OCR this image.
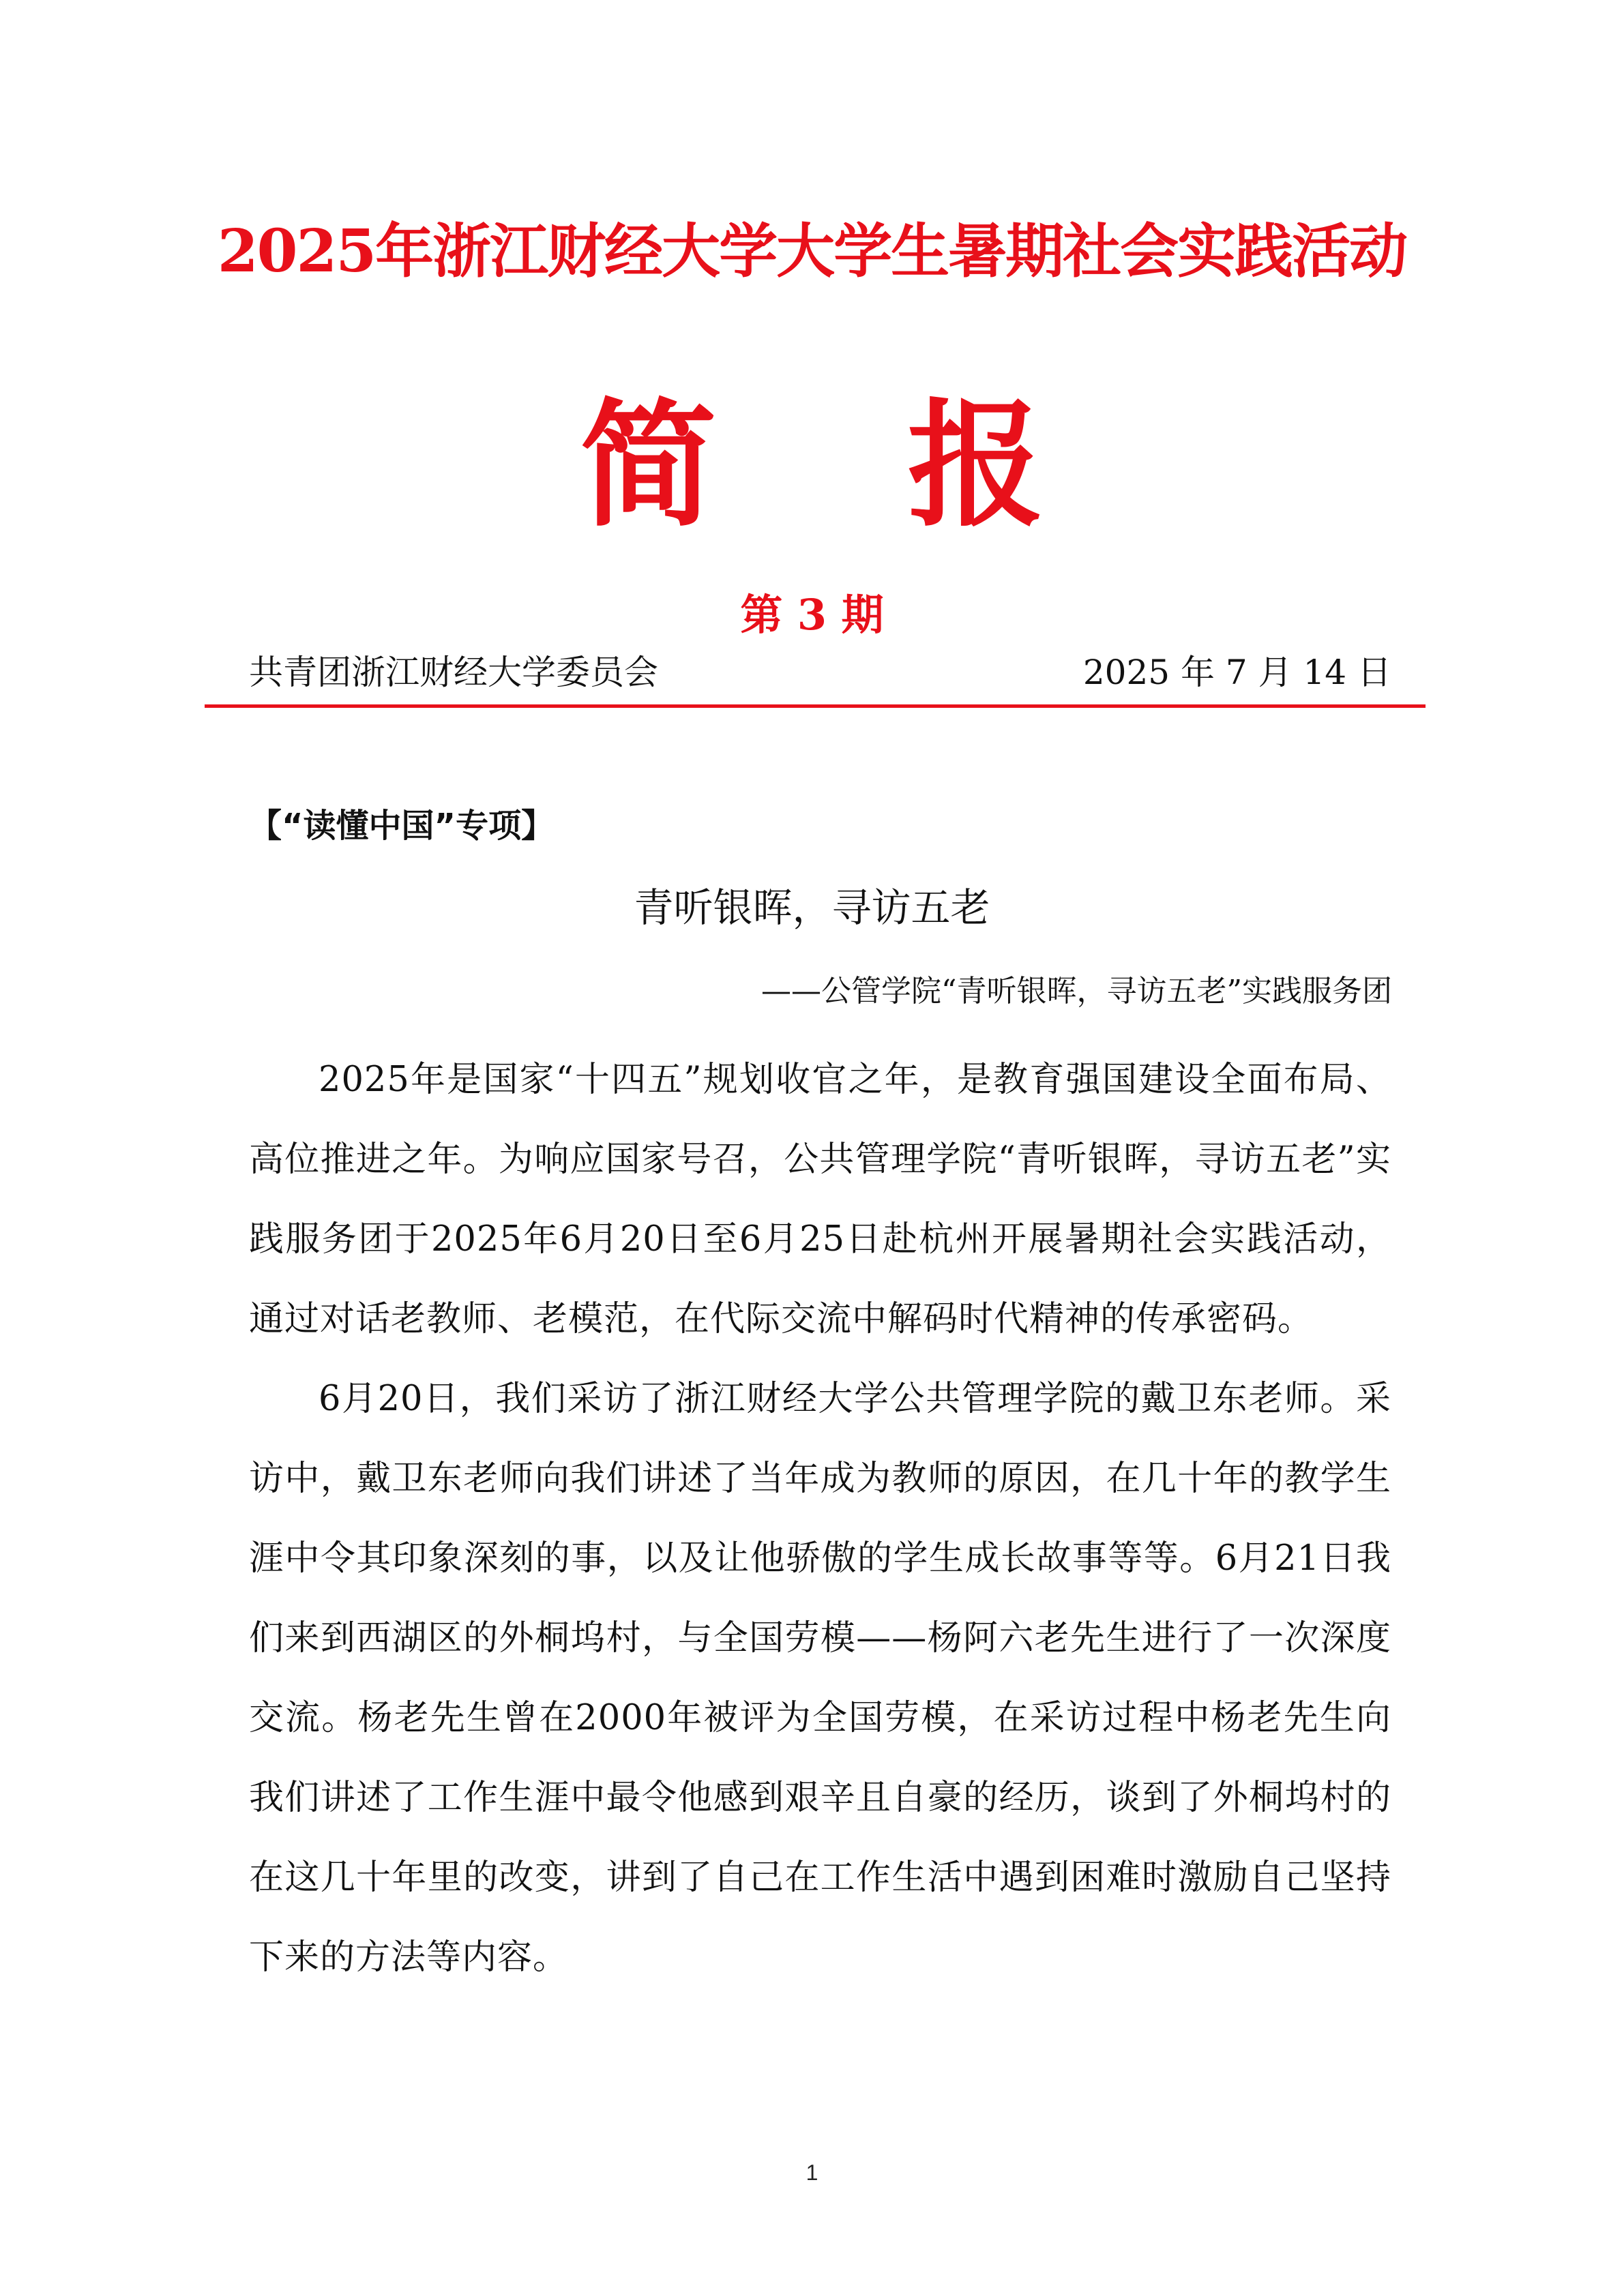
2025年浙江财经大学大学生暑期社会实践活动
简 报
第 3 期
共青团浙江财经大学委员会	2025 年 7 月 14 日
【“读懂中国”专项】
青听银晖，寻访五老
——公管学院“青听银晖，寻访五老”实践服务团

2025年是国家“十四五”规划收官之年，是教育强国建设全面布局、高位推进之年。为响应国家号召，公共管理学院“青听银晖，寻访五老”实践服务团于2025年6月20日至6月25日赴杭州开展暑期社会实践活动，通过对话老教师、老模范，在代际交流中解码时代精神的传承密码。

6月20日，我们采访了浙江财经大学公共管理学院的戴卫东老师。采访中，戴卫东老师向我们讲述了当年成为教师的原因，在几十年的教学生涯中令其印象深刻的事，以及让他骄傲的学生成长故事等等。6月21日我们来到西湖区的外桐坞村，与全国劳模——杨阿六老先生进行了一次深度交流。杨老先生曾在2000年被评为全国劳模，在采访过程中杨老先生向我们讲述了工作生涯中最令他感到艰辛且自豪的经历，谈到了外桐坞村的在这几十年里的改变，讲到了自己在工作生活中遇到困难时激励自己坚持下来的方法等内容。

1
